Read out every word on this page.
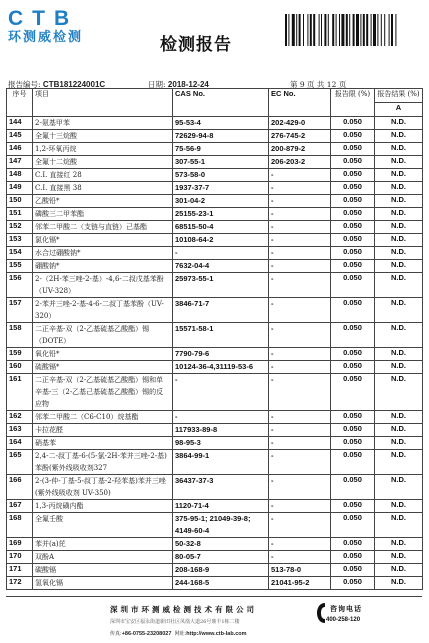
CTB
环测威检测	检测报告
报告编号: CTB181224001C	日期: 2018-12-24	第 9 页 共 12 页
序号	项目	CAS No.	EC No.	报告限 (%)	报告结果 (%)
					A
144	2-氨基甲苯	95-53-4	202-429-0	0.050	N.D.
145	全氟十三烷酸	72629-94-8	276-745-2	0.050	N.D.
146	1,2-环氧丙烷	75-56-9	200-879-2	0.050	N.D.
147	全氟十二烷酸	307-55-1	206-203-2	0.050	N.D.
148	C.I. 直接红 28	573-58-0	-	0.050	N.D.
149	C.I. 直接黑 38	1937-37-7	-	0.050	N.D.
150	乙酸铅*	301-04-2	-	0.050	N.D.
151	磷酸三二甲苯酯	25155-23-1	-	0.050	N.D.
152	邻苯二甲酸二（支链与直链）己基酯	68515-50-4	-	0.050	N.D.
153	氯化镉*	10108-64-2	-	0.050	N.D.
154	水合过硼酸钠*	-	-	0.050	N.D.
155	硼酸钠*	7632-04-4	-	0.050	N.D.
156	2-（2H-苯三唑-2-基）-4,6-二叔戊基苯酚（UV-328）	25973-55-1	-	0.050	N.D.
157	2-苯并三唑-2-基-4-6-二叔丁基苯酚（UV-320）	3846-71-7	-	0.050	N.D.
158	二正辛基-双（2-乙基硫基乙酸酯）锡（DOTE）	15571-58-1	-	0.050	N.D.
159	氧化铅*	7790-79-6	-	0.050	N.D.
160	硫酸镉*	10124-36-4,31119-53-6	-	0.050	N.D.
161	二正辛基-双（2-乙基硫基乙酸酯）锡和单辛基-三（2-乙基己基硫基乙酸酯）锡的反应物	-	-	0.050	N.D.
162	邻苯二甲酸二（C6-C10）烷基酯	-	-	0.050	N.D.
163	卡拉花醛	117933-89-8	-	0.050	N.D.
164	硝基苯	98-95-3	-	0.050	N.D.
165	2,4-二-叔丁基-6-(5-氯-2H-苯并三唑-2-基)苯酚(紫外线吸收剂327	3864-99-1	-	0.050	N.D.
166	2-(3-仲-丁基-5-叔丁基-2-羟苯基)苯并三唑(紫外线吸收剂 UV-350)	36437-37-3	-	0.050	N.D.
167	1,3-丙烷磺内酯	1120-71-4	-	0.050	N.D.
168	全氟壬酸	375-95-1; 21049-39-8; 4149-60-4	-	0.050	N.D.
169	苯并(a)芘	50-32-8	-	0.050	N.D.
170	双酚A	80-05-7	-	0.050	N.D.
171	碳酸镉	208-168-9	513-78-0	0.050	N.D.
172	氢氧化镉	244-168-5	21041-95-2	0.050	N.D.
深圳市环测威检测技术有限公司
深圳市宝安区福永街道新田社区凤凰大道26号鼎丰1栋二楼
传真:+86-0755-23208027 网址:http://www.ctb-lab.com
咨询电话
400-258-120
